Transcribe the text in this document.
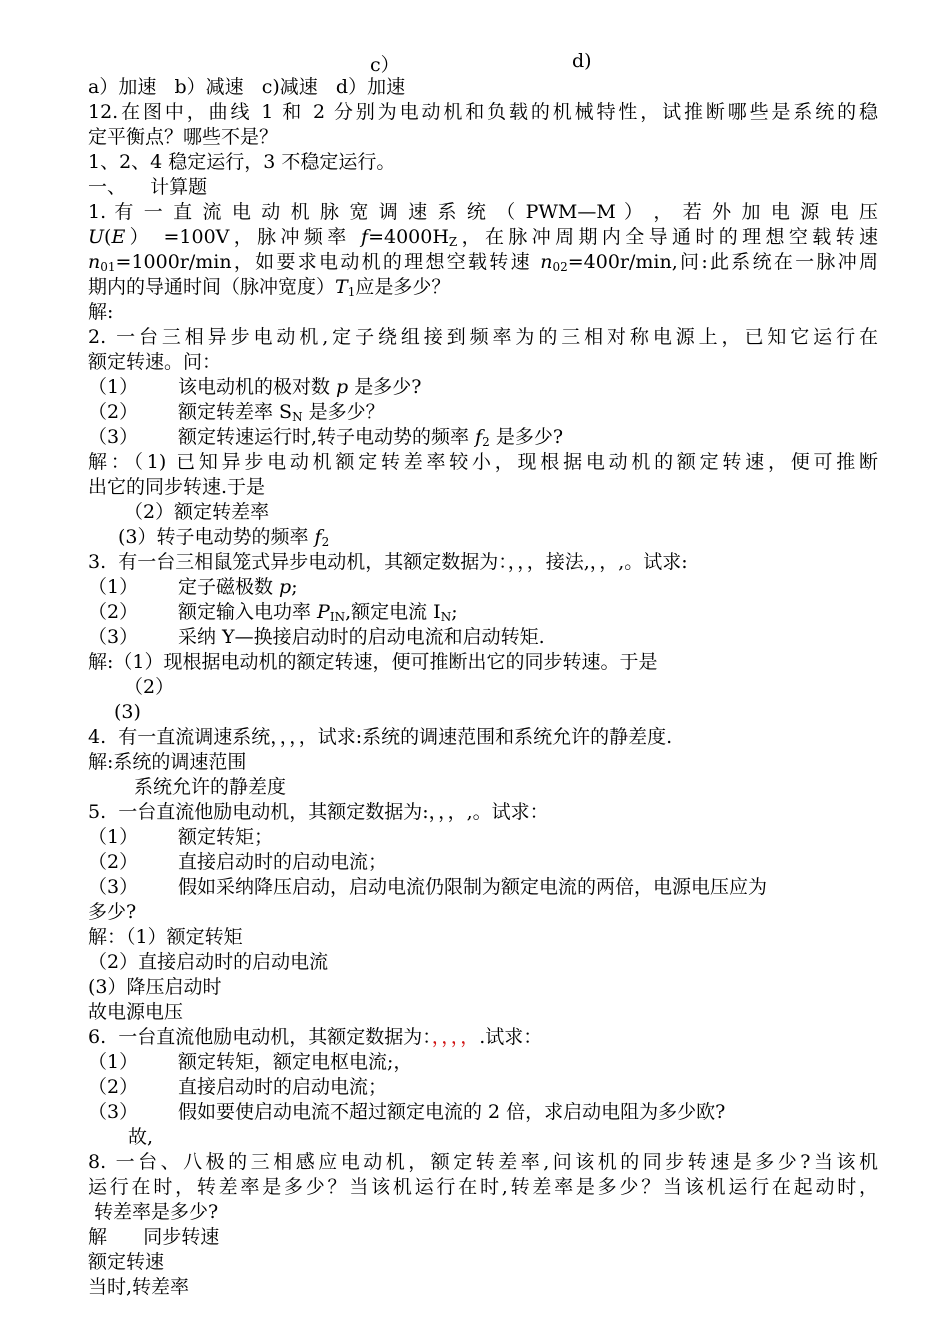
c）	d)
a）加速   b）减速   c)减速   d）加速
12.在图中，曲线 1 和 2 分别为电动机和负载的机械特性，试推断哪些是系统的稳
定平衡点？哪些不是？
1、2、4 稳定运行，3 不稳定运行。
一、    计算题
1. 有 一 直 流 电 动 机 脉 宽 调 速 系 统 （ PWM—M ） ， 若 外 加 电 源 电 压
U(E） =100V，脉冲频率 $f=4000H_Z$，在脉冲周期内全导通时的理想空载转速
$n_{01}=1000r/\min$，如要求电动机的理想空载转速 $n_{02}=400r/\min$,问:此系统在一脉冲周
期内的导通时间（脉冲宽度）$T_1$应是多少？
解:
2. 一台三相异步电动机,定子绕组接到频率为的三相对称电源上，已知它运行在
额定转速。问：
（1） 该电动机的极对数 p 是多少?
（2） 额定转差率 $S_N$ 是多少？
（3） 额定转速运行时,转子电动势的频率 $f_2$ 是多少?
解：（1) 已知异步电动机额定转差率较小，现根据电动机的额定转速，便可推断
出它的同步转速.于是
（2）额定转差率
(3）转子电动势的频率 $f_2$
3.  有一台三相鼠笼式异步电动机，其额定数据为：，，，接法,，，,。试求:
（1） 定子磁极数 p;
（2） 额定输入电功率 $P_{IN}$,额定电流 $I_N$;
（3） 采纳 Y—换接启动时的启动电流和启动转矩.
解:（1）现根据电动机的额定转速，便可推断出它的同步转速。于是
（2）
(3)
4.  有一直流调速系统，，，，试求:系统的调速范围和系统允许的静差度.
解:系统的调速范围
系统允许的静差度
5.  一台直流他励电动机，其额定数据为:，，，,。试求：
（1） 额定转矩；
（2） 直接启动时的启动电流；
（3） 假如采纳降压启动，启动电流仍限制为额定电流的两倍，电源电压应为
多少?
解：（1）额定转矩
（2）直接启动时的启动电流
(3）降压启动时
故电源电压
6.  一台直流他励电动机，其额定数据为：，，，，.试求：
（1） 额定转矩，额定电枢电流;，
（2） 直接启动时的启动电流；
（3） 假如要使启动电流不超过额定电流的 2 倍，求启动电阻为多少欧?
故,
8. 一台、八极的三相感应电动机，额定转差率,问该机的同步转速是多少?当该机
运行在时，转差率是多少？当该机运行在时,转差率是多少？当该机运行在起动时，
转差率是多少?
解      同步转速
额定转速
当时,转差率
